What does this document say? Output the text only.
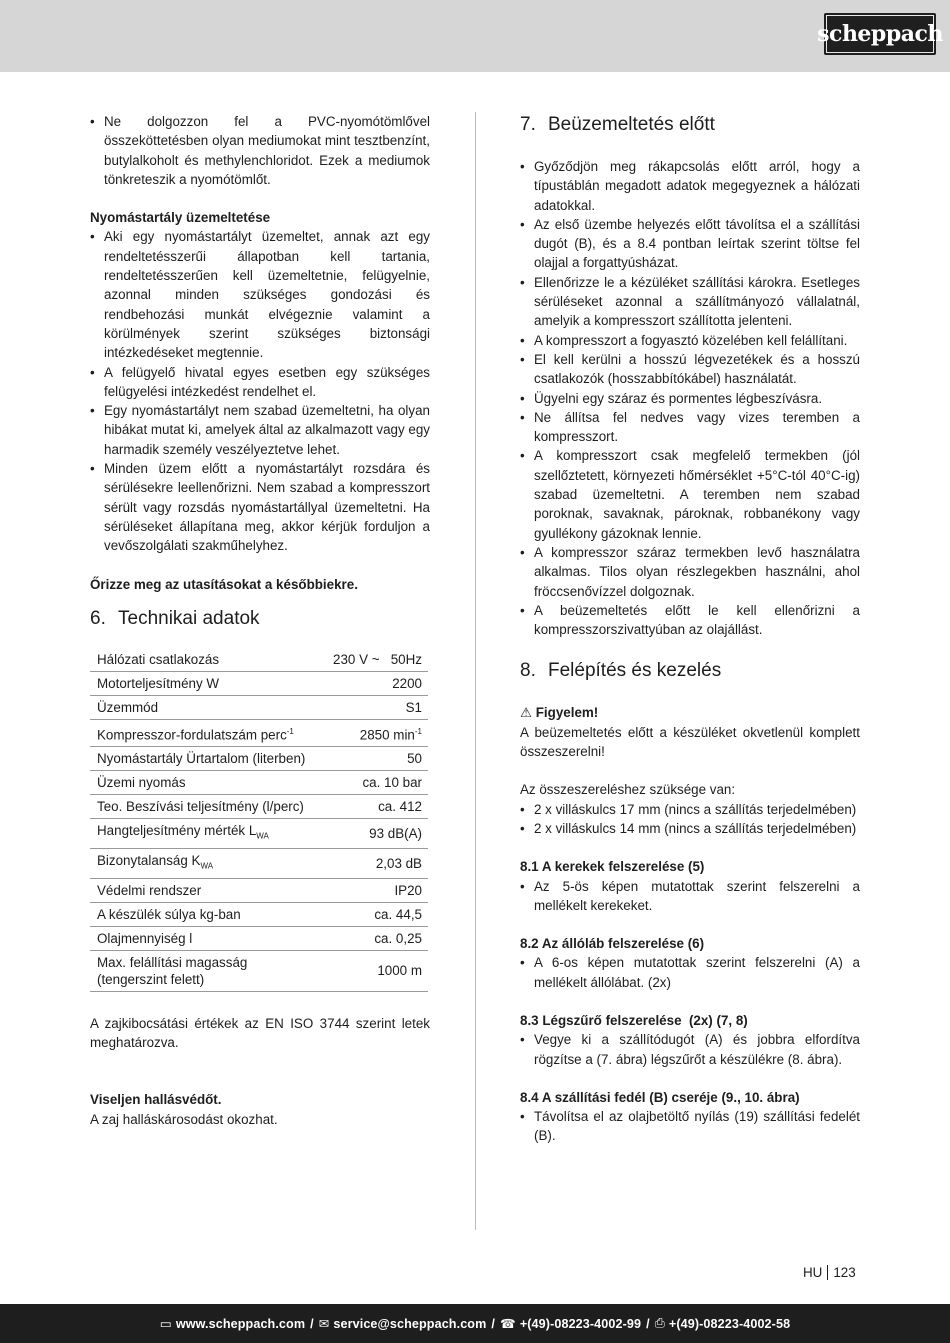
scheppach
• Ne dolgozzon fel a PVC-nyomótömlővel összeköttetésben olyan mediumokat mint tesztbenzínt, butylalkoholt és methylenchloridot. Ezek a mediumok tönkreteszik a nyomótömlőt.

Nyomástartály üzemeltetése

• Aki egy nyomástartályt üzemeltet, annak azt egy rendeltetésszerűi állapotban kell tartania, rendeltetésszerűen kell üzemeltetnie, felügyelnie, azonnal minden szükséges gondozási és rendbehozási munkát elvégeznie valamint a körülmények szerint szükséges biztonsági intézkedéseket megtennie.
• A felügyelő hivatal egyes esetben egy szükséges felügyelési intézkedést rendelhet el.
• Egy nyomástartályt nem szabad üzemeltetni, ha olyan hibákat mutat ki, amelyek által az alkalmazott vagy egy harmadik személy veszélyeztetve lehet.
• Minden üzem előtt a nyomástartályt rozsdára és sérülésekre leellenőrizni. Nem szabad a kompresszort sérült vagy rozsdás nyomástartállyal üzemeltetni. Ha sérüléseket állapítana meg, akkor kérjük forduljon a vevőszolgálati szakműhelyhez.

Őrizze meg az utasításokat a későbbiekre.

6. Technikai adatok
Hálózati csatlakozás	230 V ~   50Hz
Motorteljesítmény W	2200
Üzemmód	S1
Kompresszor-fordulatszám perc$^{-1}$	2850 $\min^{-1}$
Nyomástartály Ürtartalom (literben)	50
Üzemi nyomás	ca. 10 bar
Teo. Beszívási teljesítmény (l/perc)	ca. 412
Hangteljesítmény mérték $L_{WA}$	93 dB(A)
Bizonytalanság $K_{WA}$	2,03 dB
Védelmi rendszer	IP20
A készülék súlya kg-ban	ca. 44,5
Olajmennyiség l	ca. 0,25
Max. felállítási magasság (tengerszint felett)	1000 m

A zajkibocsátási értékek az EN ISO 3744 szerint letek meghatározva.

Viseljen hallásvédőt.

A zaj halláskárosodást okozhat.

7. Beüzemeltetés előtt
• Győződjön meg rákapcsolás előtt arról, hogy a típustáblán megadott adatok megegyeznek a hálózati adatokkal.
• Az első üzembe helyezés előtt távolítsa el a szállítási dugót (B), és a 8.4 pontban leírtak szerint töltse fel olajjal a forgattyúsházat.
• Ellenőrizze le a kézüléket szállítási károkra. Esetleges sérüléseket azonnal a szállítmányozó vállalatnál, amelyik a kompresszort szállította jelenteni.
• A kompresszort a fogyasztó közelében kell felállítani.
• El kell kerülni a hosszú légvezetékek és a hosszú csatlakozók (hosszabbítókábel) használatát.
• Ügyelni egy száraz és pormentes légbeszívásra.
• Ne állítsa fel nedves vagy vizes teremben a kompresszort.
• A kompresszort csak megfelelő termekben (jól szellőztetett, környezeti hőmérséklet +5°C-tól 40°C-ig) szabad üzemeltetni. A teremben nem szabad poroknak, savaknak, pároknak, robbanékony vagy gyullékony gázoknak lennie.
• A kompresszor száraz termekben levő használatra alkalmas. Tilos olyan részlegekben használni, ahol fröccsenővízzel dolgoznak.
• A beüzemeltetés előtt le kell ellenőrizni a kompresszorszivattyúban az olajállást.
8. Felépítés és kezelés

⚠ Figyelem!

A beüzemeltetés előtt a készüléket okvetlenül komplett összeszerelni!

Az összeszereléshez szüksége van:

• 2 x villáskulcs 17 mm (nincs a szállítás terjedelmében)
• 2 x villáskulcs 14 mm (nincs a szállítás terjedelmében)

8.1 A kerekek felszerelése (5)

• Az 5-ös képen mutatottak szerint felszerelni a mellékelt kerekeket.

8.2 Az állóláb felszerelése (6)

• A 6-os képen mutatottak szerint felszerelni (A) a mellékelt állólábat. (2x)

8.3 Légszűrő felszerelése  (2x) (7, 8)

• Vegye ki a szállítódugót (A) és jobbra elfordítva rögzítse a (7. ábra) légszűrőt a készülékre (8. ábra).

8.4 A szállítási fedél (B) cseréje (9., 10. ábra)

• Távolítsa el az olajbetöltő nyílás (19) szállítási fedelét (B).
HU 123
▭ www.scheppach.com / ✉ service@scheppach.com / ☎ +(49)-08223-4002-99 / ⎙ +(49)-08223-4002-58
